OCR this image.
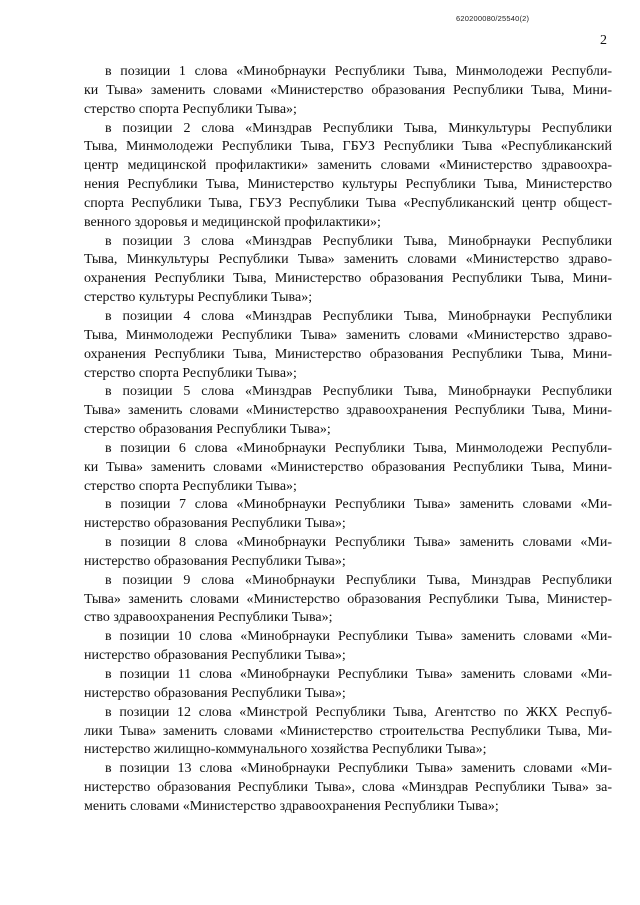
620200080/25540(2)
2

в позиции 1 слова «Минобрнауки Республики Тыва, Минмолодежи Республи-
ки Тыва» заменить словами «Министерство образования Республики Тыва, Мини-
стерство спорта Республики Тыва»;

в позиции 2 слова «Минздрав Республики Тыва, Минкультуры Республики
Тыва, Минмолодежи Республики Тыва, ГБУЗ Республики Тыва «Республиканский
центр медицинской профилактики» заменить словами «Министерство здравоохра-
нения Республики Тыва, Министерство культуры Республики Тыва, Министерство
спорта Республики Тыва, ГБУЗ Республики Тыва «Республиканский центр общест-
венного здоровья и медицинской профилактики»;

в позиции 3 слова «Минздрав Республики Тыва, Минобрнауки Республики
Тыва, Минкультуры Республики Тыва» заменить словами «Министерство здраво-
охранения Республики Тыва, Министерство образования Республики Тыва, Мини-
стерство культуры Республики Тыва»;

в позиции 4 слова «Минздрав Республики Тыва, Минобрнауки Республики
Тыва, Минмолодежи Республики Тыва» заменить словами «Министерство здраво-
охранения Республики Тыва, Министерство образования Республики Тыва, Мини-
стерство спорта Республики Тыва»;

в позиции 5 слова «Минздрав Республики Тыва, Минобрнауки Республики
Тыва» заменить словами «Министерство здравоохранения Республики Тыва, Мини-
стерство образования Республики Тыва»;

в позиции 6 слова «Минобрнауки Республики Тыва, Минмолодежи Республи-
ки Тыва» заменить словами «Министерство образования Республики Тыва, Мини-
стерство спорта Республики Тыва»;

в позиции 7 слова «Минобрнауки Республики Тыва» заменить словами «Ми-
нистерство образования Республики Тыва»;

в позиции 8 слова «Минобрнауки Республики Тыва» заменить словами «Ми-
нистерство образования Республики Тыва»;

в позиции 9 слова «Минобрнауки Республики Тыва, Минздрав Республики
Тыва» заменить словами «Министерство образования Республики Тыва, Министер-
ство здравоохранения Республики Тыва»;

в позиции 10 слова «Минобрнауки Республики Тыва» заменить словами «Ми-
нистерство образования Республики Тыва»;

в позиции 11 слова «Минобрнауки Республики Тыва» заменить словами «Ми-
нистерство образования Республики Тыва»;

в позиции 12 слова «Минстрой Республики Тыва, Агентство по ЖКХ Респуб-
лики Тыва» заменить словами «Министерство строительства Республики Тыва, Ми-
нистерство жилищно-коммунального хозяйства Республики Тыва»;

в позиции 13 слова «Минобрнауки Республики Тыва» заменить словами «Ми-
нистерство образования Республики Тыва», слова «Минздрав Республики Тыва» за-
менить словами «Министерство здравоохранения Республики Тыва»;
